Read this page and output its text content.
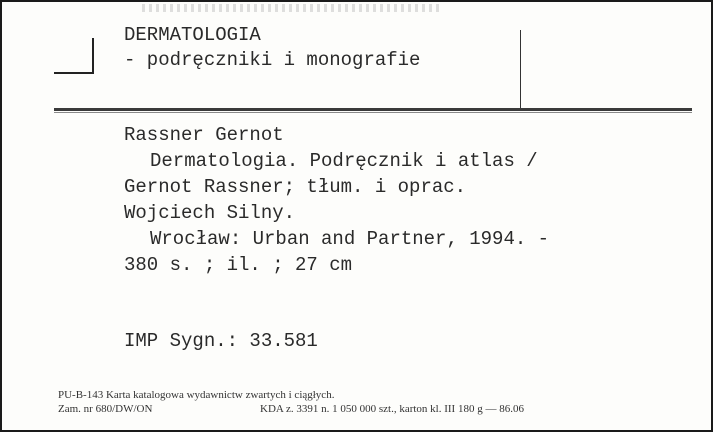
DERMATOLOGIA
- podręczniki i monografie
Rassner Gernot
Dermatologia. Podręcznik i atlas /
Gernot Rassner; tłum. i oprac.
Wojciech Silny.
Wrocław: Urban and Partner, 1994. -
380 s. ; il. ; 27 cm
IMP Sygn.: 33.581
PU-B-143 Karta katalogowa wydawnictw zwartych i ciągłych.
Zam. nr 680/DW/ON	KDA z. 3391 n. 1 050 000 szt., karton kl. III 180 g — 86.06
